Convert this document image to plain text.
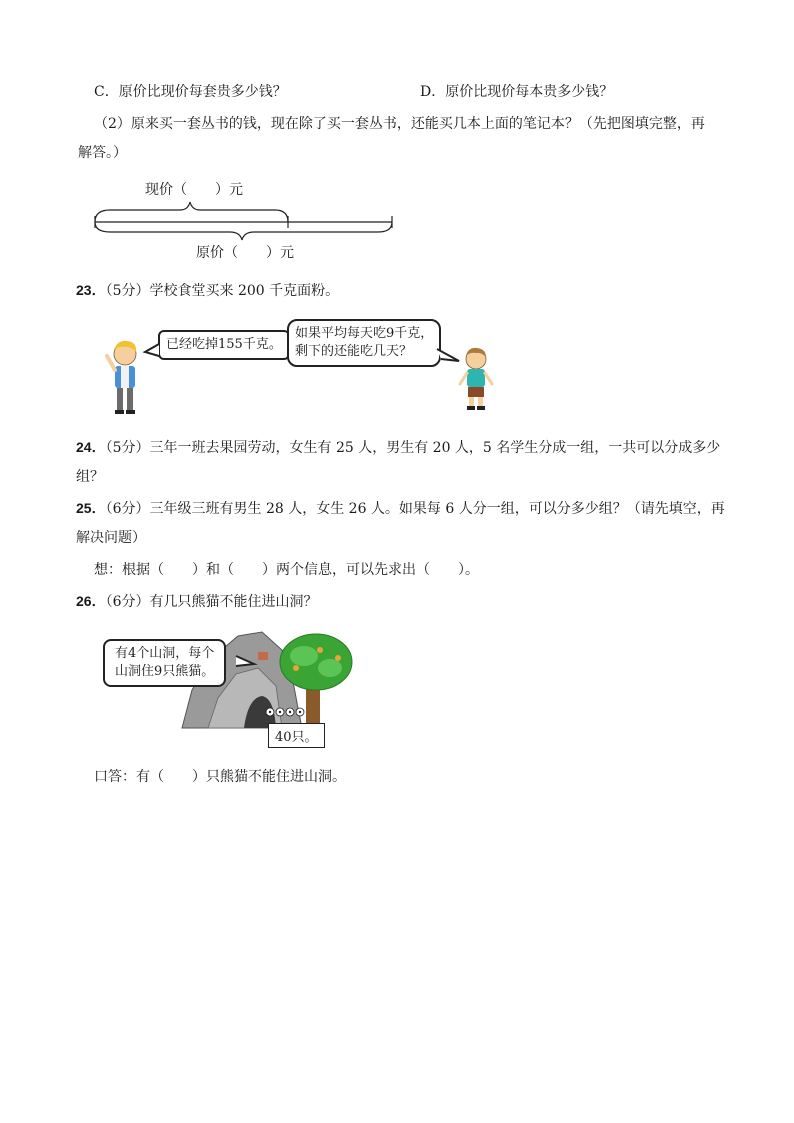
C．原价比现价每套贵多少钱？	D．原价比现价每本贵多少钱？
（2）原来买一套丛书的钱，现在除了买一套丛书，还能买几本上面的笔记本？（先把图填完整，再
解答。）
现价（　　）元
原价（　　）元
23．（5分）学校食堂买来 200 千克面粉。
已经吃掉155千克。
如果平均每天吃9千克，
剩下的还能吃几天？
24．（5分）三年一班去果园劳动，女生有 25 人，男生有 20 人，5 名学生分成一组，一共可以分成多少
组？
25．（6分）三年级三班有男生 28 人，女生 26 人。如果每 6 人分一组，可以分多少组？（请先填空，再
解决问题）
想：根据（　　）和（　　）两个信息，可以先求出（　　）。
26．（6分）有几只熊猫不能住进山洞？
有4个山洞，每个
山洞住9只熊猫。
40只。
口答：有（　　）只熊猫不能住进山洞。
